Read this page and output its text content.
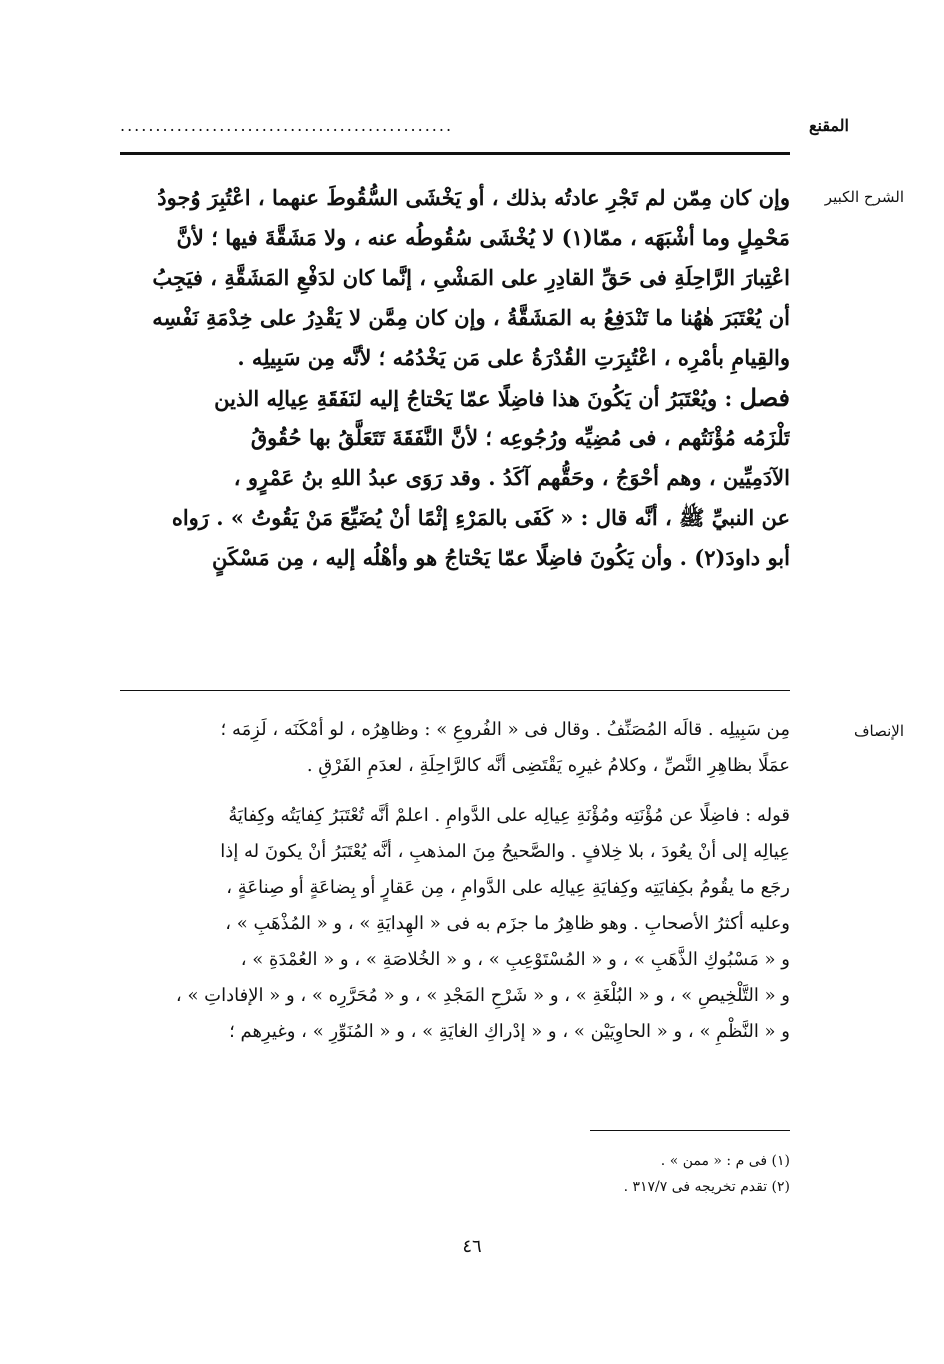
المقنع
...............................................
الشرح الكبير
وإن كان مِمّن لم تَجْرِ عادتُه بذلك ، أو يَخْشَى السُّقُوطَ عنهما ، اعْتُبِرَ وُجودُ
مَحْمِلٍ وما أشْبَهَه ، ممّا(١) لا يُخْشَى سُقُوطُه عنه ، ولا مَشَقَّةَ فيها ؛ لأنَّ
اعْتِبارَ الرَّاحِلَةِ فى حَقِّ القادِرِ على المَشْىِ ، إنَّما كان لدَفْعِ المَشَقَّةِ ، فيَجِبُ
أن يُعْتَبَرَ هٰهُنا ما تَنْدَفِعُ به المَشَقَّةُ ، وإن كان مِمَّن لا يَقْدِرُ على خِدْمَةِ نَفْسِه
والقِيامِ بأمْرِه ، اعْتُبِرَتِ القُدْرَةُ على مَن يَخْدُمُه ؛ لأنَّه مِن سَبِيلِه .
فصل : ويُعْتَبَرُ أن يَكُونَ هذا فاضِلًا عمّا يَحْتاجُ إليه لنَفَقَةِ عِيالِه الذين
تَلْزَمُه مُؤْنَتُهم ، فى مُضِيِّه ورُجُوعِه ؛ لأنَّ النَّفَقَةَ تَتَعَلَّقُ بها حُقُوقُ
الآدَمِيِّين ، وهم أحْوَجُ ، وحَقُّهم آكَدُ . وقد رَوَى عبدُ اللهِ بنُ عَمْرٍو ،
عن النبيِّ ﷺ ، أنَّه قال : « كَفَى بالمَرْءِ إثْمًا أنْ يُضَيِّعَ مَنْ يَقُوتُ » . رَواه
أبو داودَ(٢) . وأن يَكُونَ فاضِلًا عمّا يَحْتاجُ هو وأهْلُه إليه ، مِن مَسْكَنٍ
الإنصاف
مِن سَبِيلِه . قالَه المُصَنِّفُ . وقال فى « الفُروعِ » : وظاهِرُه ، لو أمْكَنَه ، لَزِمَه ؛
عمَلًا بظاهِرِ النَّصِّ ، وكلامُ غيرِه يَقْتَضِى أنَّه كالرَّاحِلَةِ ، لعدَمِ الفَرْقِ .
قوله : فاضِلًا عن مُؤْنَتِه ومُؤْنَةِ عِيالِه على الدَّوامِ . اعلمْ أنَّه تُعْتَبَرُ كِفايَتُه وكِفايَةُ
عِيالِه إلى أنْ يعُودَ ، بلا خِلافٍ . والصَّحيحُ مِنَ المذهبِ ، أنَّه يُعْتَبَرُ أنْ يكونَ له إذا
رجَع ما يقُومُ بكِفايَتِه وكِفايَةِ عِيالِه على الدَّوامِ ، مِن عَقارٍ أو بِضاعَةٍ أو صِناعَةٍ ،
وعليه أكثرُ الأصحابِ . وهو ظاهِرُ ما جزَم به فى « الهِدايَةِ » ، و « المُذْهَبِ » ،
و « مَسْبُوكِ الذَّهَبِ » ، و « المُسْتَوْعِبِ » ، و « الخُلاصَةِ » ، و « العُمْدَةِ » ،
و « التَّلْخِيصِ » ، و « البُلْغَةِ » ، و « شَرْحِ المَجْدِ » ، و « مُحَرَّرِه » ، و « الإفاداتِ » ،
و « النَّظْمِ » ، و « الحاوِيَيْن » ، و « إدْراكِ الغايَةِ » ، و « المُنَوِّرِ » ، وغيرِهم ؛
(١) فى م : « ممن » .
(٢) تقدم تخريجه فى ٣١٧/٧ .
٤٦
